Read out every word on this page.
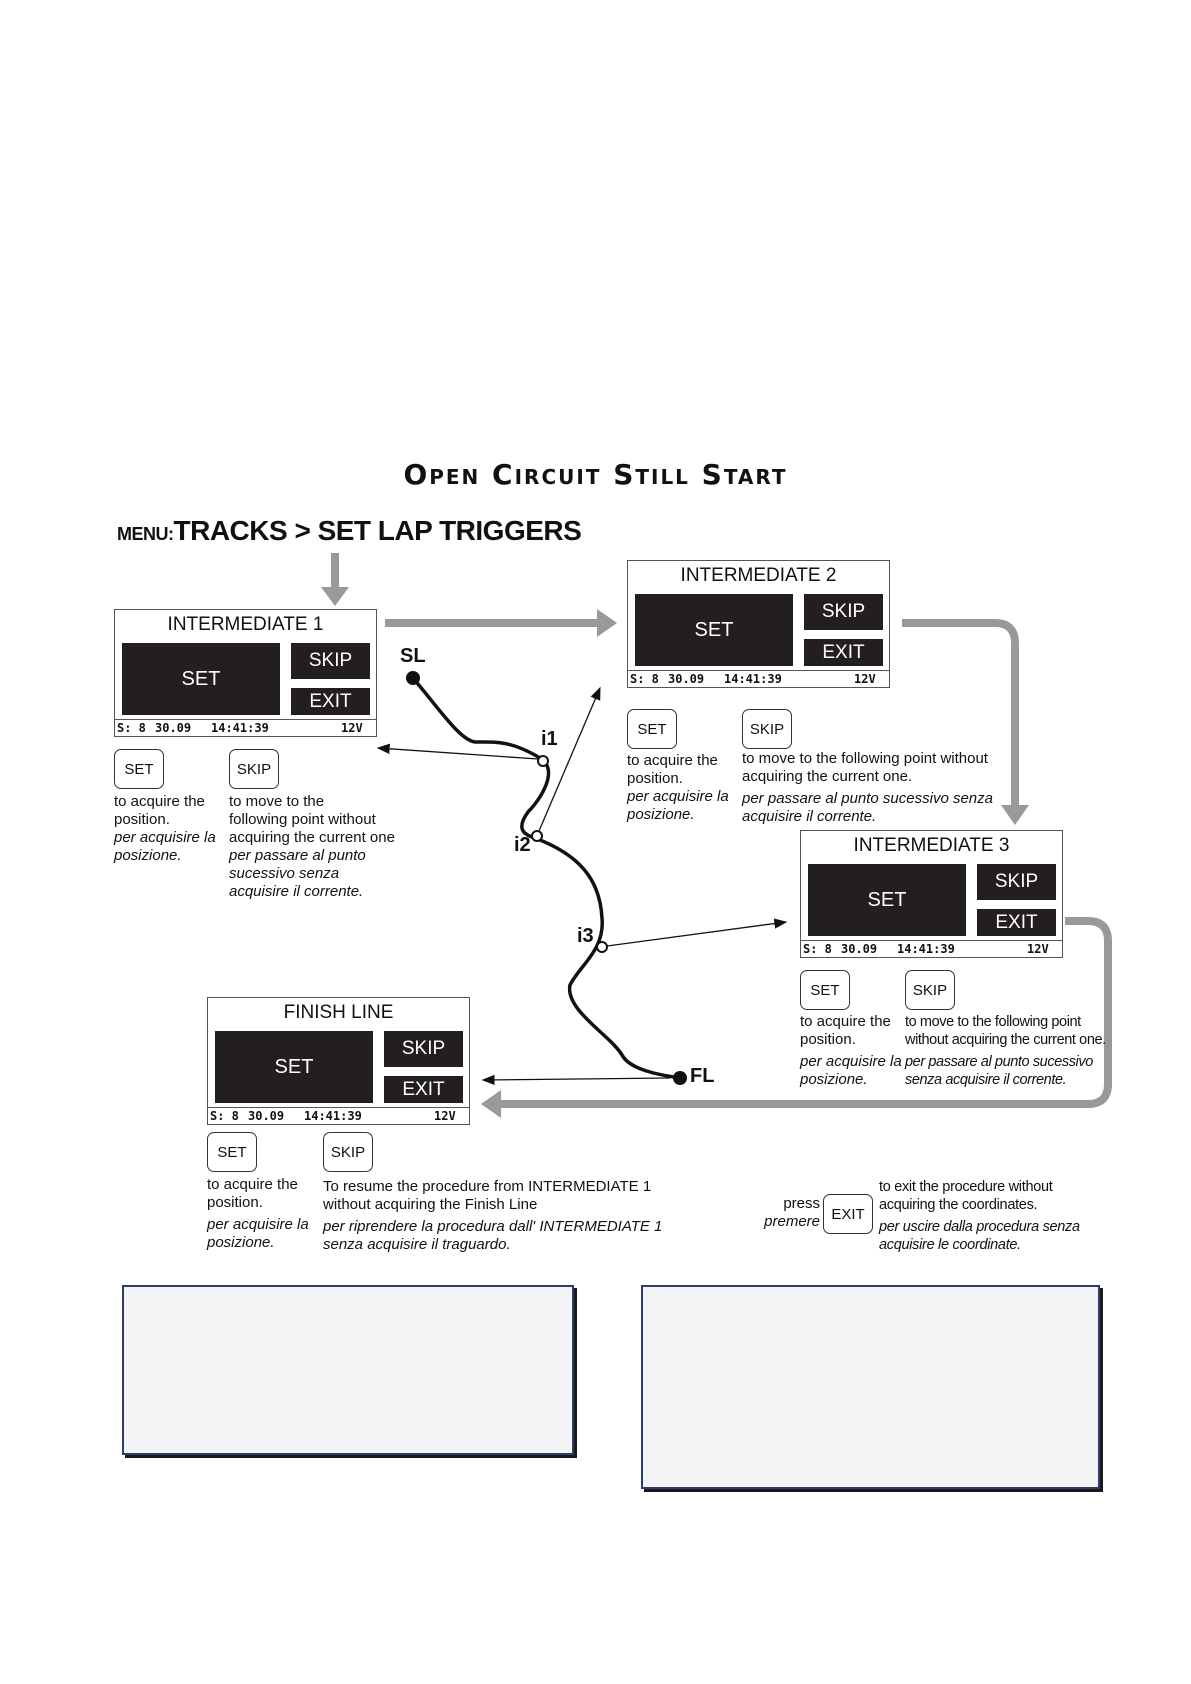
Open Circuit Still Start
MENU:TRACKS > SET LAP TRIGGERS
SL
i1
i2
i3
FL
INTERMEDIATE 1
SET
SKIP
EXIT
S: 8 30.09 14:41:39	12V
INTERMEDIATE 2
SET
SKIP
EXIT
S: 8 30.09 14:41:39	12V
INTERMEDIATE 3
SET
SKIP
EXIT
S: 8 30.09 14:41:39	12V
FINISH LINE
SET
SKIP
EXIT
S: 8 30.09 14:41:39	12V
SET	SKIP
to acquire the
position.
per acquisire la
posizione.
to move to the
following point without
acquiring the current one
per passare al punto
sucessivo senza
acquisire il corrente.
SET	SKIP
to acquire the
position.
per acquisire la
posizione.
to move to the following point without
acquiring the current one.
per passare al punto sucessivo senza
acquisire il corrente.
SET	SKIP
to acquire the
position.
per acquisire la
posizione.
to move to the following point
without acquiring the current one.
per passare al punto sucessivo
senza acquisire il corrente.
SET	SKIP
to acquire the
position.
per acquisire la
posizione.
To resume the procedure from INTERMEDIATE 1
without acquiring the Finish Line
per riprendere la procedura dall' INTERMEDIATE 1
senza acquisire il traguardo.
press
premere EXIT
to exit the procedure without
acquiring the coordinates.
per uscire dalla procedura senza
acquisire le coordinate.
